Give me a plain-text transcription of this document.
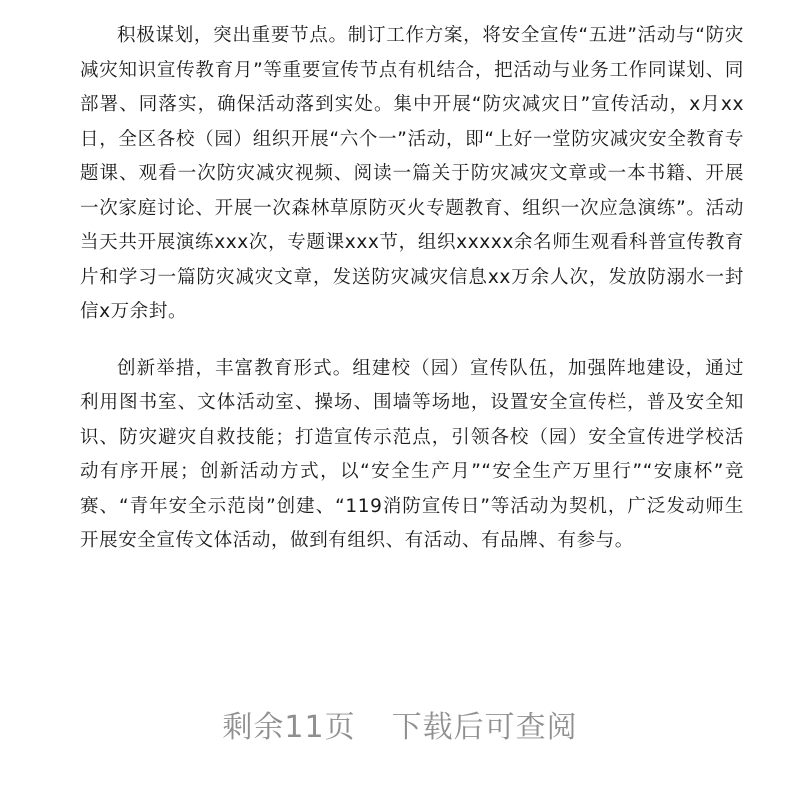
积极谋划，突出重要节点。制订工作方案，将安全宣传“五进”活动与“防灾减灾知识宣传教育月”等重要宣传节点有机结合，把活动与业务工作同谋划、同部署、同落实，确保活动落到实处。集中开展“防灾减灾日”宣传活动，x月xx日，全区各校（园）组织开展“六个一”活动，即“上好一堂防灾减灾安全教育专题课、观看一次防灾减灾视频、阅读一篇关于防灾减灾文章或一本书籍、开展一次家庭讨论、开展一次森林草原防灭火专题教育、组织一次应急演练”。活动当天共开展演练xxx次，专题课xxx节，组织xxxxx余名师生观看科普宣传教育片和学习一篇防灾减灾文章，发送防灾减灾信息xx万余人次，发放防溺水一封信x万余封。

创新举措，丰富教育形式。组建校（园）宣传队伍，加强阵地建设，通过利用图书室、文体活动室、操场、围墙等场地，设置安全宣传栏，普及安全知识、防灾避灾自救技能；打造宣传示范点，引领各校（园）安全宣传进学校活动有序开展；创新活动方式，以“安全生产月”“安全生产万里行”“安康杯”竞赛、“青年安全示范岗”创建、“119消防宣传日”等活动为契机，广泛发动师生开展安全宣传文体活动，做到有组织、有活动、有品牌、有参与。

剩余11页 下载后可查阅
